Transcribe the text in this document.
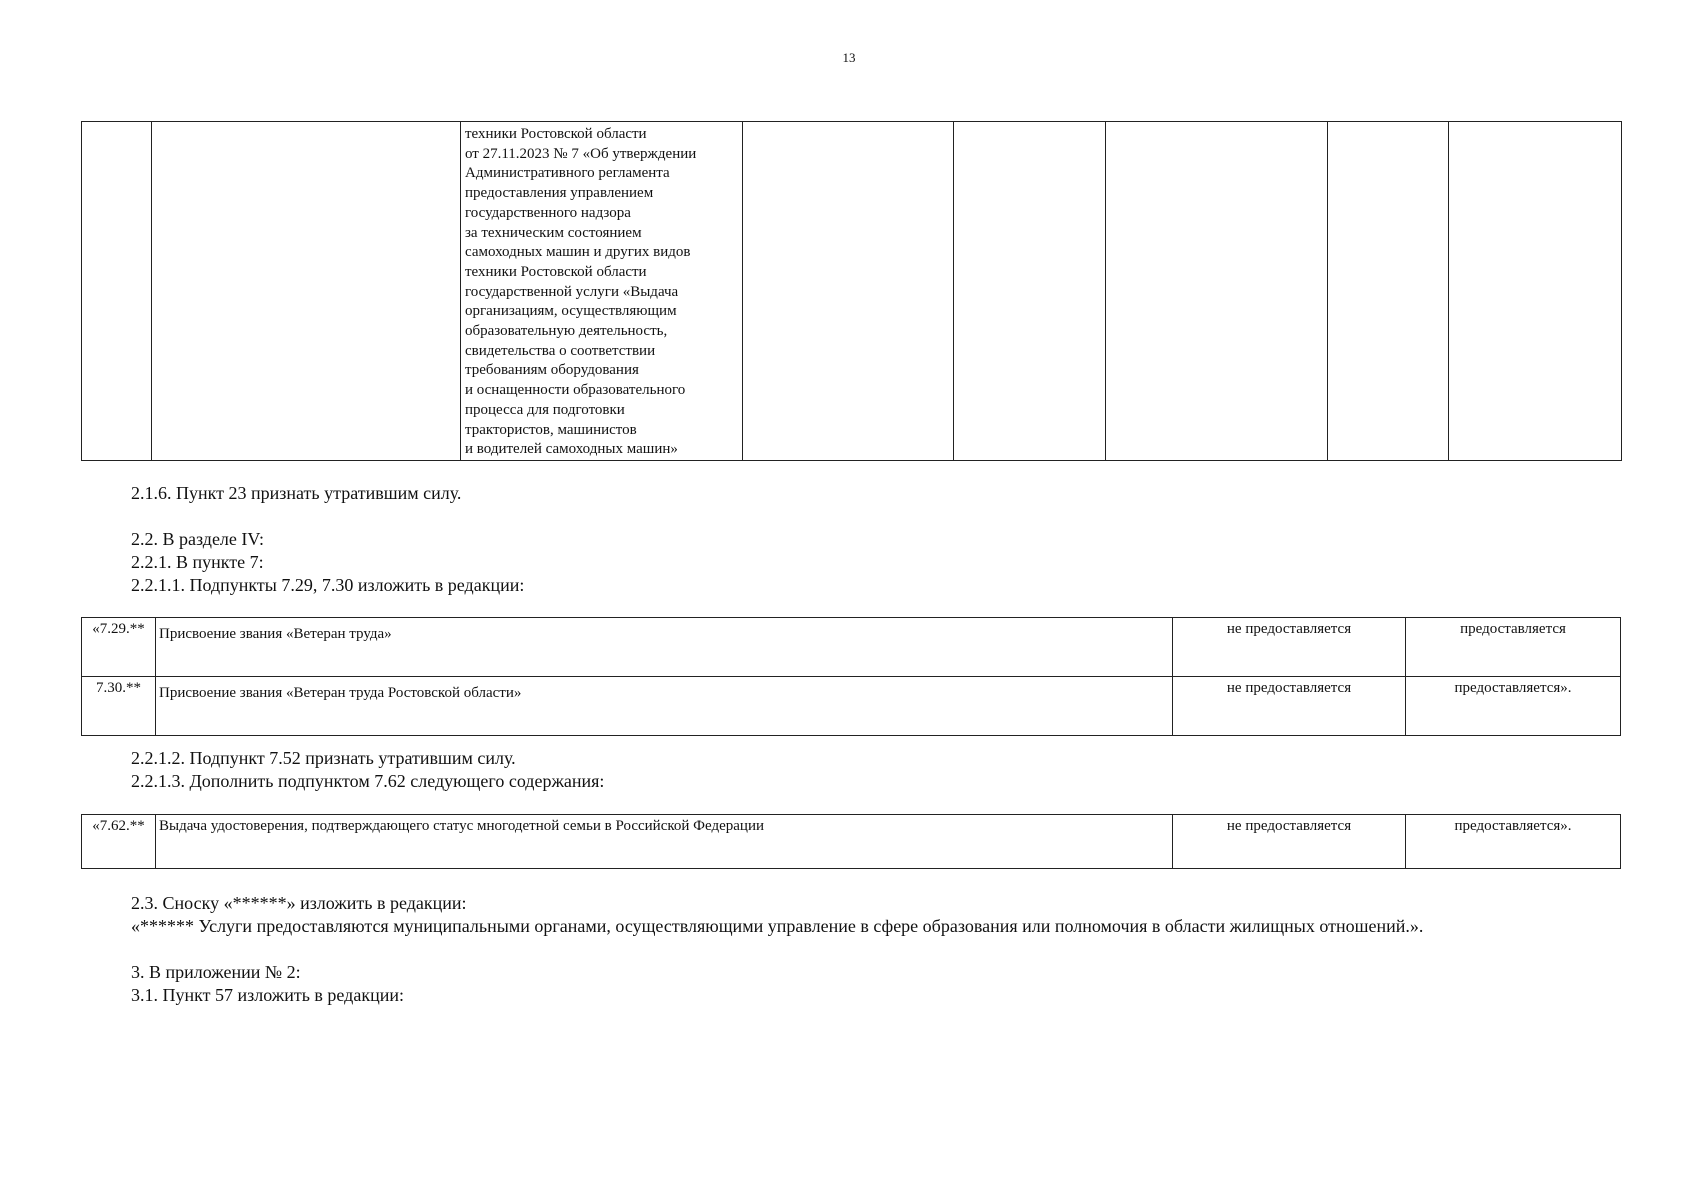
13

техники Ростовской области
от 27.11.2023 № 7 «Об утверждении
Административного регламента
предоставления управлением
государственного надзора
за техническим состоянием
самоходных машин и других видов
техники Ростовской области
государственной услуги «Выдача
организациям, осуществляющим
образовательную деятельность,
свидетельства о соответствии
требованиям оборудования
и оснащенности образовательного
процесса для подготовки
трактористов, машинистов
и водителей самоходных машин»

2.1.6. Пункт 23 признать утратившим силу.
2.2. В разделе IV:
2.2.1. В пункте 7:
2.2.1.1. Подпункты 7.29, 7.30 изложить в редакции:
«7.29.**	Присвоение звания «Ветеран труда»	не предоставляется	предоставляется
7.30.**	Присвоение звания «Ветеран труда Ростовской области»	не предоставляется	предоставляется».
2.2.1.2. Подпункт 7.52 признать утратившим силу.
2.2.1.3. Дополнить подпунктом 7.62 следующего содержания:
«7.62.**	Выдача удостоверения, подтверждающего статус многодетной семьи в Российской Федерации	не предоставляется	предоставляется».
2.3. Сноску «******» изложить в редакции:
«****** Услуги предоставляются муниципальными органами, осуществляющими управление в сфере образования или полномочия в области жилищных отношений.».
3. В приложении № 2:
3.1. Пункт 57 изложить в редакции:
